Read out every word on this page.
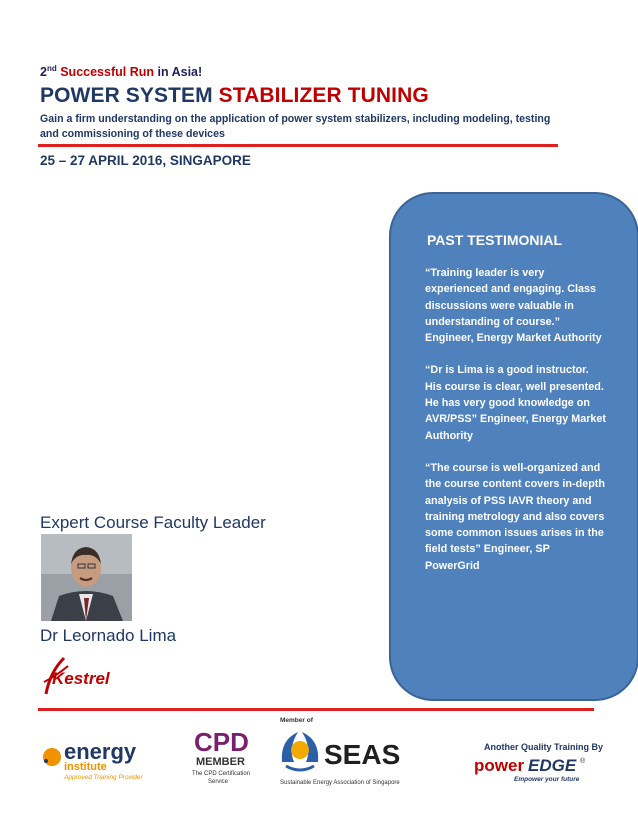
2nd Successful Run in Asia!
POWER SYSTEM STABILIZER TUNING
Gain a firm understanding on the application of power system stabilizers, including modeling, testing and commissioning of these devices
25 – 27 APRIL 2016, SINGAPORE
PAST TESTIMONIAL

“Training leader is very experienced and engaging. Class discussions were valuable in understanding of course.” Engineer, Energy Market Authority

“Dr is Lima is a good instructor. His course is clear, well presented. He has very good knowledge on AVR/PSS” Engineer, Energy Market Authority

“The course is well-organized and the course content covers in-depth analysis of PSS IAVR theory and training metrology and also covers some common issues arises in the field tests” Engineer, SP PowerGrid

Expert Course Faculty Leader
Dr Leornado Lima
Kestrel
energy
institute
Approved Training Provider
CPD
MEMBER
The CPD Certification
Service
Member of
SEAS
Sustainable Energy Association of Singapore
Another Quality Training By
power EDGE ®
Empower your future
